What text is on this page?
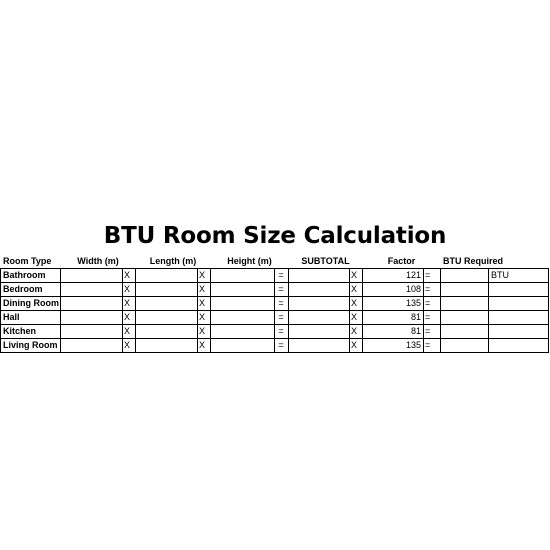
BTU Room Size Calculation
Room Type	Width (m)		Length (m)		Height (m)		SUBTOTAL		Factor		BTU Required	
Bathroom		X		X		=		X	121	=		BTU
Bedroom		X		X		=		X	108	=		
Dining Room		X		X		=		X	135	=		
Hall		X		X		=		X	81	=		
Kitchen		X		X		=		X	81	=		
Living Room		X		X		=		X	135	=		
